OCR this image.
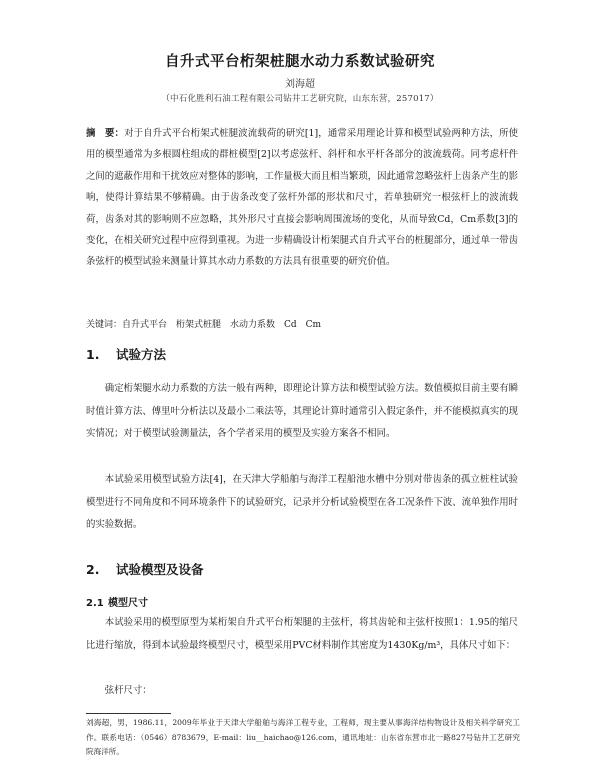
自升式平台桁架桩腿水动力系数试验研究
刘海超
（中石化胜利石油工程有限公司钻井工艺研究院，山东东营，257017）
摘　要：对于自升式平台桁架式桩腿波流载荷的研究[1]，通常采用理论计算和模型试验两种方法，所使用的模型通常为多根圆柱组成的群桩模型[2]以考虑弦杆、斜杆和水平杆各部分的波流载荷。同考虑杆件之间的遮蔽作用和干扰效应对整体的影响，工作量极大而且相当繁琐，因此通常忽略弦杆上齿条产生的影响，使得计算结果不够精确。由于齿条改变了弦杆外部的形状和尺寸，若单独研究一根弦杆上的波流载荷，齿条对其的影响则不应忽略，其外形尺寸直接会影响周围流场的变化，从而导致Cd，Cm系数[3]的变化，在相关研究过程中应得到重视。为进一步精确设计桁架腿式自升式平台的桩腿部分，通过单一带齿条弦杆的模型试验来测量计算其水动力系数的方法具有很重要的研究价值。
关键词：自升式平台　桁架式桩腿　水动力系数　Cd　Cm
1. 试验方法
确定桁架腿水动力系数的方法一般有两种，即理论计算方法和模型试验方法。数值模拟目前主要有瞬时值计算方法、傅里叶分析法以及最小二乘法等，其理论计算时通常引入假定条件，并不能模拟真实的现实情况；对于模型试验测量法，各个学者采用的模型及实验方案各不相同。
本试验采用模型试验方法[4]，在天津大学船舶与海洋工程船池水槽中分别对带齿条的孤立桩柱试验模型进行不同角度和不同环境条件下的试验研究，记录并分析试验模型在各工况条件下波、流单独作用时的实验数据。
2. 试验模型及设备
2.1 模型尺寸
本试验采用的模型原型为某桁架自升式平台桁架腿的主弦杆，将其齿轮和主弦杆按照1：1.95的缩尺比进行缩放，得到本试验最终模型尺寸，模型采用PVC材料制作其密度为1430Kg/m³，具体尺寸如下：
弦杆尺寸：
刘海超，男，1986.11，2009年毕业于天津大学船舶与海洋工程专业，工程师，现主要从事海洋结构物设计及相关科学研究工作。联系电话：（0546）8783679，E-mail：liu__haichao@126.com，通讯地址：山东省东营市北一路827号钻井工艺研究院海洋所。
